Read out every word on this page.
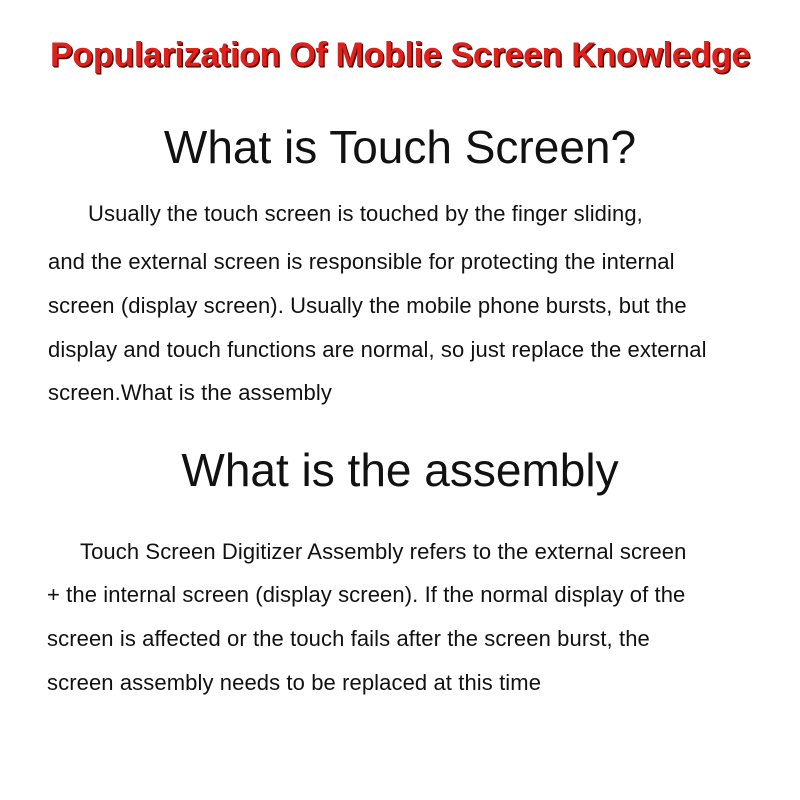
Popularization Of Moblie Screen Knowledge
What is Touch Screen?
Usually the touch screen is touched by the finger sliding,
and the external screen is responsible for protecting the internal
screen (display screen). Usually the mobile phone bursts, but the
display and touch functions are normal, so just replace the external
screen.What is the assembly
What is the assembly
Touch Screen Digitizer Assembly refers to the external screen
+ the internal screen (display screen). If the normal display of the
screen is affected or the touch fails after the screen burst, the
screen assembly needs to be replaced at this time
